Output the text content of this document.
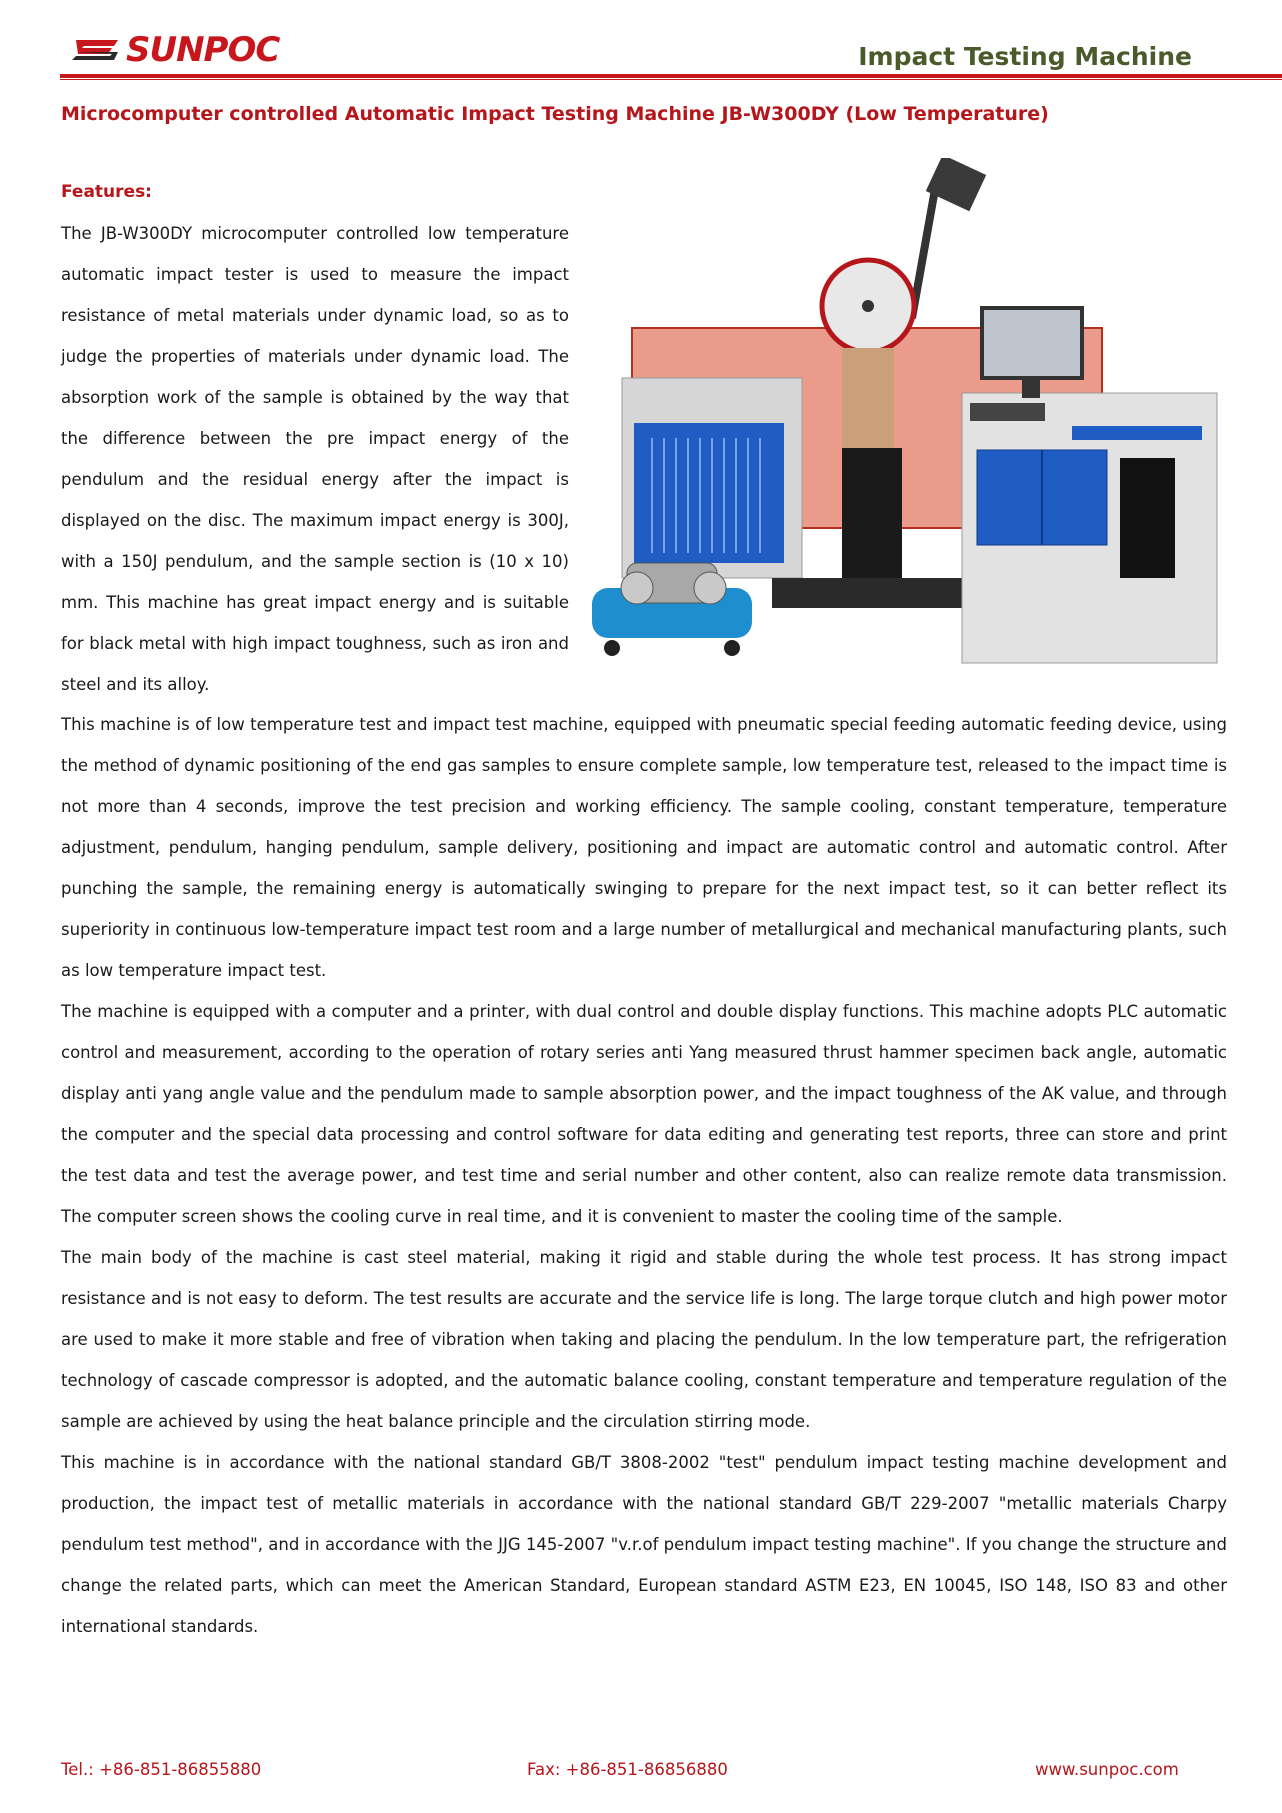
SUNPOC	Impact Testing Machine
Microcomputer controlled Automatic Impact Testing Machine JB-W300DY (Low Temperature)
Features:

The JB-W300DY microcomputer controlled low temperature automatic impact tester is used to measure the impact resistance of metal materials under dynamic load, so as to judge the properties of materials under dynamic load. The absorption work of the sample is obtained by the way that the difference between the pre impact energy of the pendulum and the residual energy after the impact is displayed on the disc. The maximum impact energy is 300J, with a 150J pendulum, and the sample section is (10 x 10) mm. This machine has great impact energy and is suitable for black metal with high impact toughness, such as iron and steel and its alloy.

This machine is of low temperature test and impact test machine, equipped with pneumatic special feeding automatic feeding device, using the method of dynamic positioning of the end gas samples to ensure complete sample, low temperature test, released to the impact time is not more than 4 seconds, improve the test precision and working efficiency. The sample cooling, constant temperature, temperature adjustment, pendulum, hanging pendulum, sample delivery, positioning and impact are automatic control and automatic control. After punching the sample, the remaining energy is automatically swinging to prepare for the next impact test, so it can better reflect its superiority in continuous low-temperature impact test room and a large number of metallurgical and mechanical manufacturing plants, such as low temperature impact test.

The machine is equipped with a computer and a printer, with dual control and double display functions. This machine adopts PLC automatic control and measurement, according to the operation of rotary series anti Yang measured thrust hammer specimen back angle, automatic display anti yang angle value and the pendulum made to sample absorption power, and the impact toughness of the AK value, and through the computer and the special data processing and control software for data editing and generating test reports, three can store and print the test data and test the average power, and test time and serial number and other content, also can realize remote data transmission. The computer screen shows the cooling curve in real time, and it is convenient to master the cooling time of the sample.

The main body of the machine is cast steel material, making it rigid and stable during the whole test process. It has strong impact resistance and is not easy to deform. The test results are accurate and the service life is long. The large torque clutch and high power motor are used to make it more stable and free of vibration when taking and placing the pendulum. In the low temperature part, the refrigeration technology of cascade compressor is adopted, and the automatic balance cooling, constant temperature and temperature regulation of the sample are achieved by using the heat balance principle and the circulation stirring mode.

This machine is in accordance with the national standard GB/T 3808-2002 "test" pendulum impact testing machine development and production, the impact test of metallic materials in accordance with the national standard GB/T 229-2007 "metallic materials Charpy pendulum test method", and in accordance with the JJG 145-2007 "v.r.of pendulum impact testing machine". If you change the structure and change the related parts, which can meet the American Standard, European standard ASTM E23, EN 10045, ISO 148, ISO 83 and other international standards.

Tel.: +86-851-86855880	Fax: +86-851-86856880	www.sunpoc.com
